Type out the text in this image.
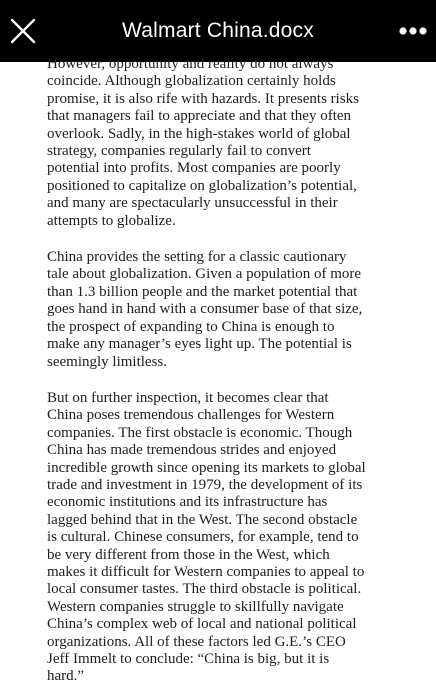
Walmart China.docx

However, opportunity and reality do not always coincide. Although globalization certainly holds promise, it is also rife with hazards. It presents risks that managers fail to appreciate and that they often overlook. Sadly, in the high-stakes world of global strategy, companies regularly fail to convert potential into profits. Most companies are poorly positioned to capitalize on globalization’s potential, and many are spectacularly unsuccessful in their attempts to globalize.

China provides the setting for a classic cautionary tale about globalization. Given a population of more than 1.3 billion people and the market potential that goes hand in hand with a consumer base of that size, the prospect of expanding to China is enough to make any manager’s eyes light up. The potential is seemingly limitless.

But on further inspection, it becomes clear that China poses tremendous challenges for Western companies. The first obstacle is economic. Though China has made tremendous strides and enjoyed incredible growth since opening its markets to global trade and investment in 1979, the development of its economic institutions and its infrastructure has lagged behind that in the West. The second obstacle is cultural. Chinese consumers, for example, tend to be very different from those in the West, which makes it difficult for Western companies to appeal to local consumer tastes. The third obstacle is political. Western companies struggle to skillfully navigate China’s complex web of local and national political organizations. All of these factors led G.E.’s CEO Jeff Immelt to conclude: “China is big, but it is hard.”
